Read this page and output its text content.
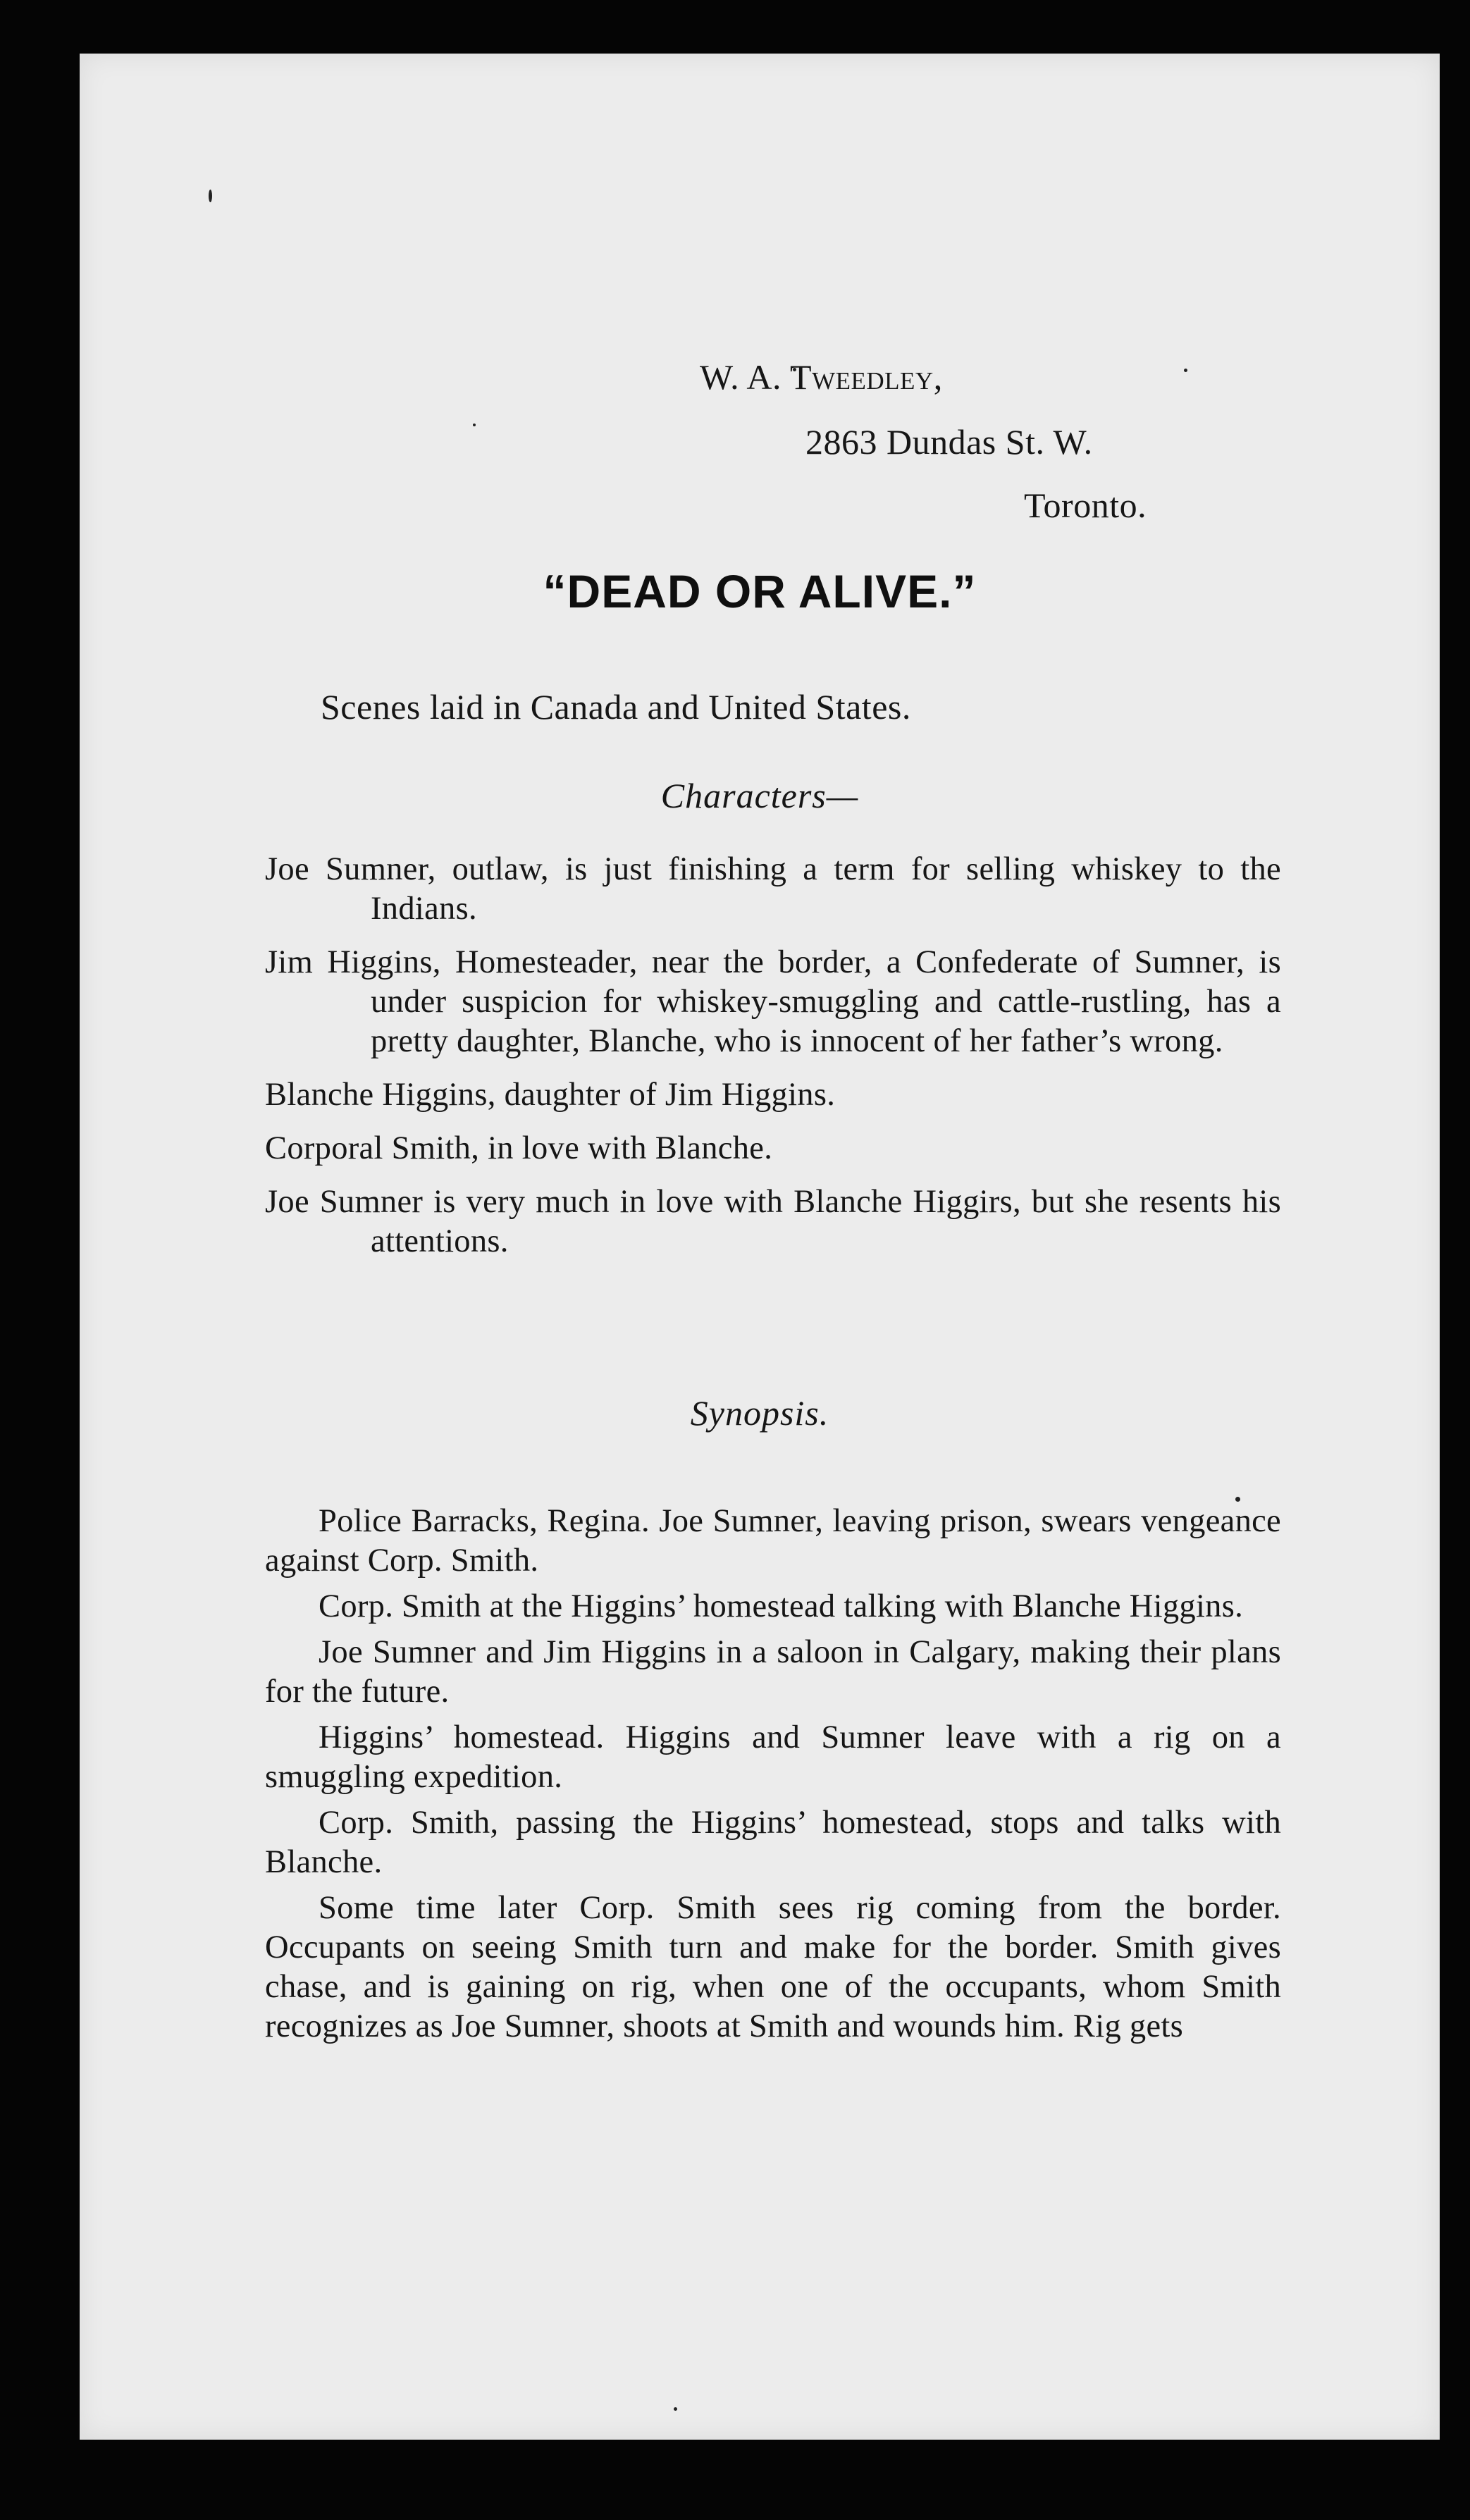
W. A. Tweedley,
2863 Dundas St. W.
Toronto.
“DEAD OR ALIVE.”
Scenes laid in Canada and United States.
Characters—

Joe Sumner, outlaw, is just finishing a term for selling whiskey to the Indians.

Jim Higgins, Homesteader, near the border, a Confederate of Sumner, is under suspicion for whiskey-smuggling and cattle-rustling, has a pretty daughter, Blanche, who is innocent of her father’s wrong.

Blanche Higgins, daughter of Jim Higgins.

Corporal Smith, in love with Blanche.

Joe Sumner is very much in love with Blanche Higgirs, but she resents his attentions.

Synopsis.

Police Barracks, Regina. Joe Sumner, leaving prison, swears vengeance against Corp. Smith.

Corp. Smith at the Higgins’ homestead talking with Blanche Higgins.

Joe Sumner and Jim Higgins in a saloon in Calgary, making their plans for the future.

Higgins’ homestead. Higgins and Sumner leave with a rig on a smuggling expedition.

Corp. Smith, passing the Higgins’ homestead, stops and talks with Blanche.

Some time later Corp. Smith sees rig coming from the border. Occupants on seeing Smith turn and make for the border. Smith gives chase, and is gaining on rig, when one of the occupants, whom Smith recognizes as Joe Sumner, shoots at Smith and wounds him. Rig gets
